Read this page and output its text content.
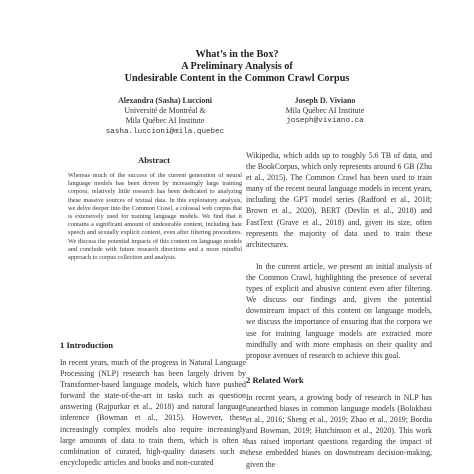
What’s in the Box?
A Preliminary Analysis of
Undesirable Content in the Common Crawl Corpus
Alexandra (Sasha) Luccioni
Université de Montréal &
Mila Québec AI Institute
sasha.luccioni@mila.quebec
Joseph D. Viviano
Mila Québec AI Institute
joseph@viviano.ca
Abstract

Whereas much of the success of the current generation of neural language models has been driven by increasingly large training corpora, relatively little research has been dedicated to analyzing these massive sources of textual data. In this exploratory analysis, we delve deeper into the Common Crawl, a colossal web corpus that is extensively used for training language models. We find that it contains a significant amount of undesirable content, including hate speech and sexually explicit content, even after filtering procedures. We discuss the potential impacts of this content on language models and conclude with future research directions and a more mindful approach to corpus collection and analysis.

1 Introduction

In recent years, much of the progress in Natural Language Processing (NLP) research has been largely driven by Transformer-based language models, which have pushed forward the state-of-the-art in tasks such as question answering (Rajpurkar et al., 2018) and natural language inference (Bowman et al., 2015). However, these increasingly complex models also require increasingly large amounts of data to train them, which is often a combination of curated, high-quality datasets such as encyclopedic articles and books and non-curated

Wikipedia, which adds up to roughly 5.6 TB of data, and the BookCorpus, which only represents around 6 GB (Zhu et al., 2015). The Common Crawl has been used to train many of the recent neural language models in recent years, including the GPT model series (Radford et al., 2018; Brown et al., 2020), BERT (Devlin et al., 2018) and FastText (Grave et al., 2018) and, given its size, often represents the majority of data used to train these architectures.

In the current article, we present an initial analysis of the Common Crawl, highlighting the presence of several types of explicit and abusive content even after filtering. We discuss our findings and, given the potential downstream impact of this content on language models, we discuss the importance of ensuring that the corpora we use for training language models are extracted more mindfully and with more emphasis on their quality and propose avenues of research to achieve this goal.

2 Related Work

In recent years, a growing body of research in NLP has unearthed biases in common language models (Bolukbasi et al., 2016; Sheng et al., 2019; Zhao et al., 2019; Bordia and Bowman, 2019; Hutchinson et al., 2020). This work has raised important questions regarding the impact of these embedded biases on downstream decision-making, given the
